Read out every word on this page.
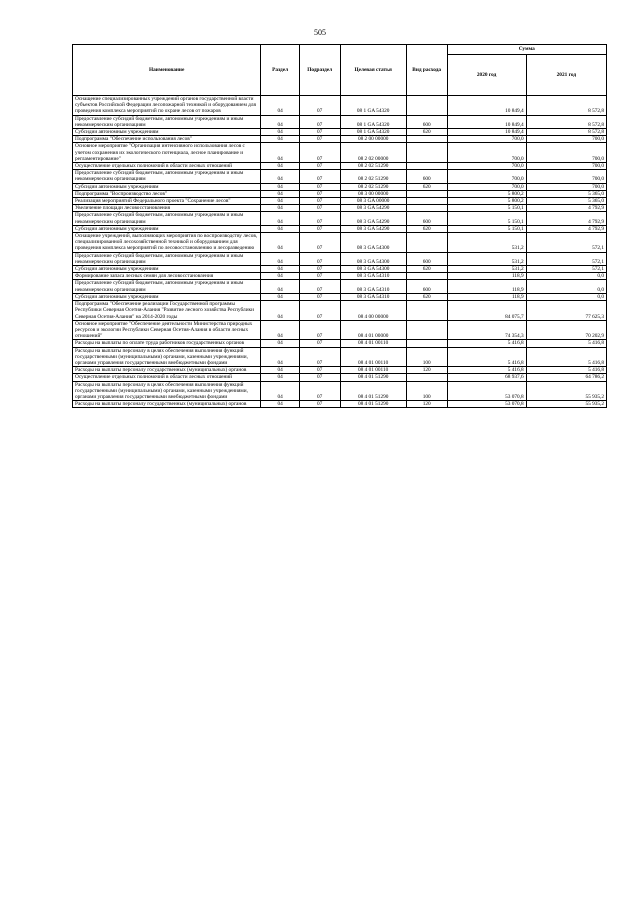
505
Наименование	Раздел	Подраздел	Целевая статья	Вид расхода	Сумма	
					2020 год	2021 год
Оснащение специализированных учреждений органов государственной власти субъектов Российской Федерации лесопожарной техникой и оборудованием для проведения комплекса мероприятий по охране лесов от пожаров	04	07	08 1 GA 54320		10 849,4	8 572,8
Предоставление субсидий бюджетным, автономным учреждениям и иным некоммерческим организациям	04	07	08 1 GA 54320	600	10 849,4	8 572,8
Субсидии автономным учреждениям	04	07	08 1 GA 54320	620	10 849,4	8 572,8
Подпрограмма "Обеспечение использования лесов"	04	07	08 2 00 00000		700,0	700,0
Основное мероприятие "Организация интенсивного использования лесов с учетом сохранения их экологического потенциала, лесное планирование и регламентирование"	04	07	08 2 02 00000		700,0	700,0
Осуществление отдельных полномочий в области лесных отношений	04	07	08 2 02 51290		700,0	700,0
Предоставление субсидий бюджетным, автономным учреждениям и иным некоммерческим организациям	04	07	08 2 02 51290	600	700,0	700,0
Субсидии автономным учреждениям	04	07	08 2 02 51290	620	700,0	700,0
Подпрограмма "Воспроизводство лесов"	04	07	08 3 00 00000		5 800,2	5 365,0
Реализация мероприятий Федерального проекта "Сохранение лесов"	04	07	08 3 GA 00000		5 800,2	5 365,0
Увеличение площади лесовосстановления	04	07	08 3 GA 54290		5 150,1	4 792,9
Предоставление субсидий бюджетным, автономным учреждениям и иным некоммерческим организациям	04	07	08 3 GA 54290	600	5 150,1	4 792,9
Субсидии автономным учреждениям	04	07	08 3 GA 54290	620	5 150,1	4 792,9
Оснащение учреждений, выполняющих мероприятия по воспроизводству лесов, специализированной лесохозяйственной техникой и оборудованием для проведения комплекса мероприятий по лесовосстановлению и лесоразведению	04	07	08 3 GA 54300		531,2	572,1
Предоставление субсидий бюджетным, автономным учреждениям и иным некоммерческим организациям	04	07	08 3 GA 54300	600	531,2	572,1
Субсидии автономным учреждениям	04	07	08 3 GA 54300	620	531,2	572,1
Формирование запаса лесных семян для лесовосстановления	04	07	08 3 GA 54310		118,9	0,0
Предоставление субсидий бюджетным, автономным учреждениям и иным некоммерческим организациям	04	07	08 3 GA 54310	600	118,9	0,0
Субсидии автономным учреждениям	04	07	08 3 GA 54310	620	118,9	0,0
Подпрограмма "Обеспечение реализации Государственной программы Республики Северная Осетия-Алания "Развитие лесного хозяйства Республики Северная Осетия-Алания" на 2014-2020 годы	04	07	08 4 00 00000		84 075,7	77 625,3
Основное мероприятие "Обеспечение деятельности Министерства природных ресурсов и экологии Республики Северная Осетия-Алания в области лесных отношений"	04	07	08 4 01 00000		74 354,3	70 202,9
Расходы на выплаты по оплате труда работников государственных органов	04	07	08 4 01 00110		5 416,8	5 416,8
Расходы на выплаты персоналу в целях обеспечения выполнения функций государственными (муниципальными) органами, казенными учреждениями, органами управления государственными внебюджетными фондами	04	07	08 4 01 00110	100	5 416,8	5 416,8
Расходы на выплаты персоналу государственных (муниципальных) органов	04	07	08 4 01 00110	120	5 416,8	5 416,8
Осуществление отдельных полномочий в области лесных отношений	04	07	08 4 01 51290		68 937,6	64 786,2
Расходы на выплаты персоналу в целях обеспечения выполнения функций государственными (муниципальными) органами, казенными учреждениями, органами управления государственными внебюджетными фондами	04	07	08 4 01 51290	100	53 070,8	55 935,2
Расходы на выплаты персоналу государственных (муниципальных) органов	04	07	08 4 01 51290	120	53 070,8	55 935,2
